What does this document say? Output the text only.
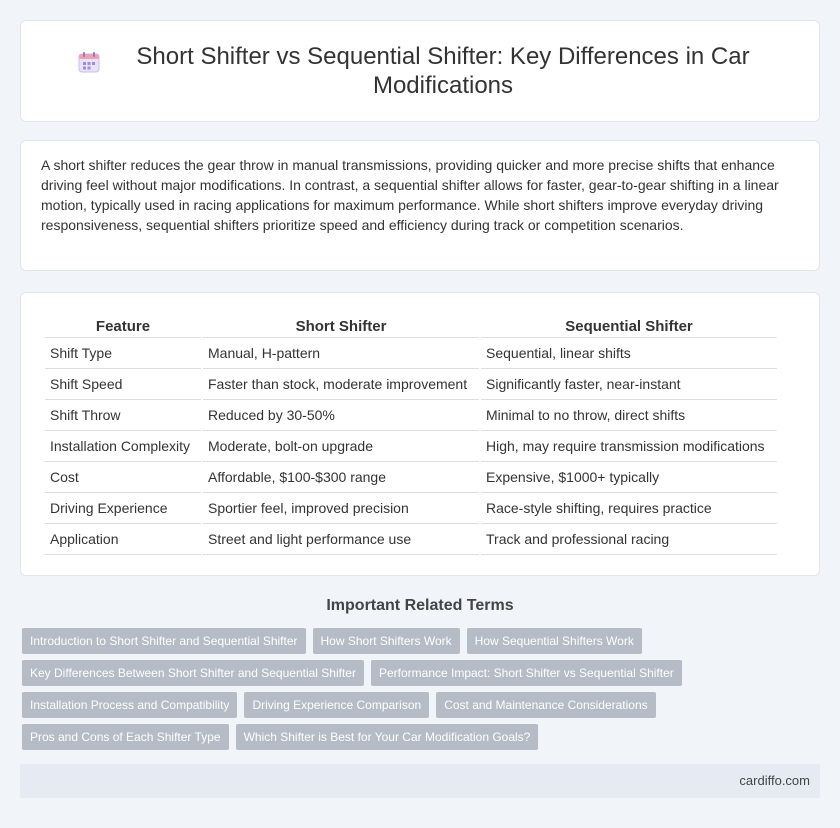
Short Shifter vs Sequential Shifter: Key Differences in Car Modifications

A short shifter reduces the gear throw in manual transmissions, providing quicker and more precise shifts that enhance driving feel without major modifications. In contrast, a sequential shifter allows for faster, gear-to-gear shifting in a linear motion, typically used in racing applications for maximum performance. While short shifters improve everyday driving responsiveness, sequential shifters prioritize speed and efficiency during track or competition scenarios.

Feature	Short Shifter	Sequential Shifter
Shift Type	Manual, H-pattern	Sequential, linear shifts
Shift Speed	Faster than stock, moderate improvement	Significantly faster, near-instant
Shift Throw	Reduced by 30-50%	Minimal to no throw, direct shifts
Installation Complexity	Moderate, bolt-on upgrade	High, may require transmission modifications
Cost	Affordable, $100-$300 range	Expensive, $1000+ typically
Driving Experience	Sportier feel, improved precision	Race-style shifting, requires practice
Application	Street and light performance use	Track and professional racing
Important Related Terms
Introduction to Short Shifter and Sequential Shifter	How Short Shifters Work	How Sequential Shifters Work
Key Differences Between Short Shifter and Sequential Shifter	Performance Impact: Short Shifter vs Sequential Shifter
Installation Process and Compatibility	Driving Experience Comparison	Cost and Maintenance Considerations
Pros and Cons of Each Shifter Type	Which Shifter is Best for Your Car Modification Goals?
cardiffo.com
